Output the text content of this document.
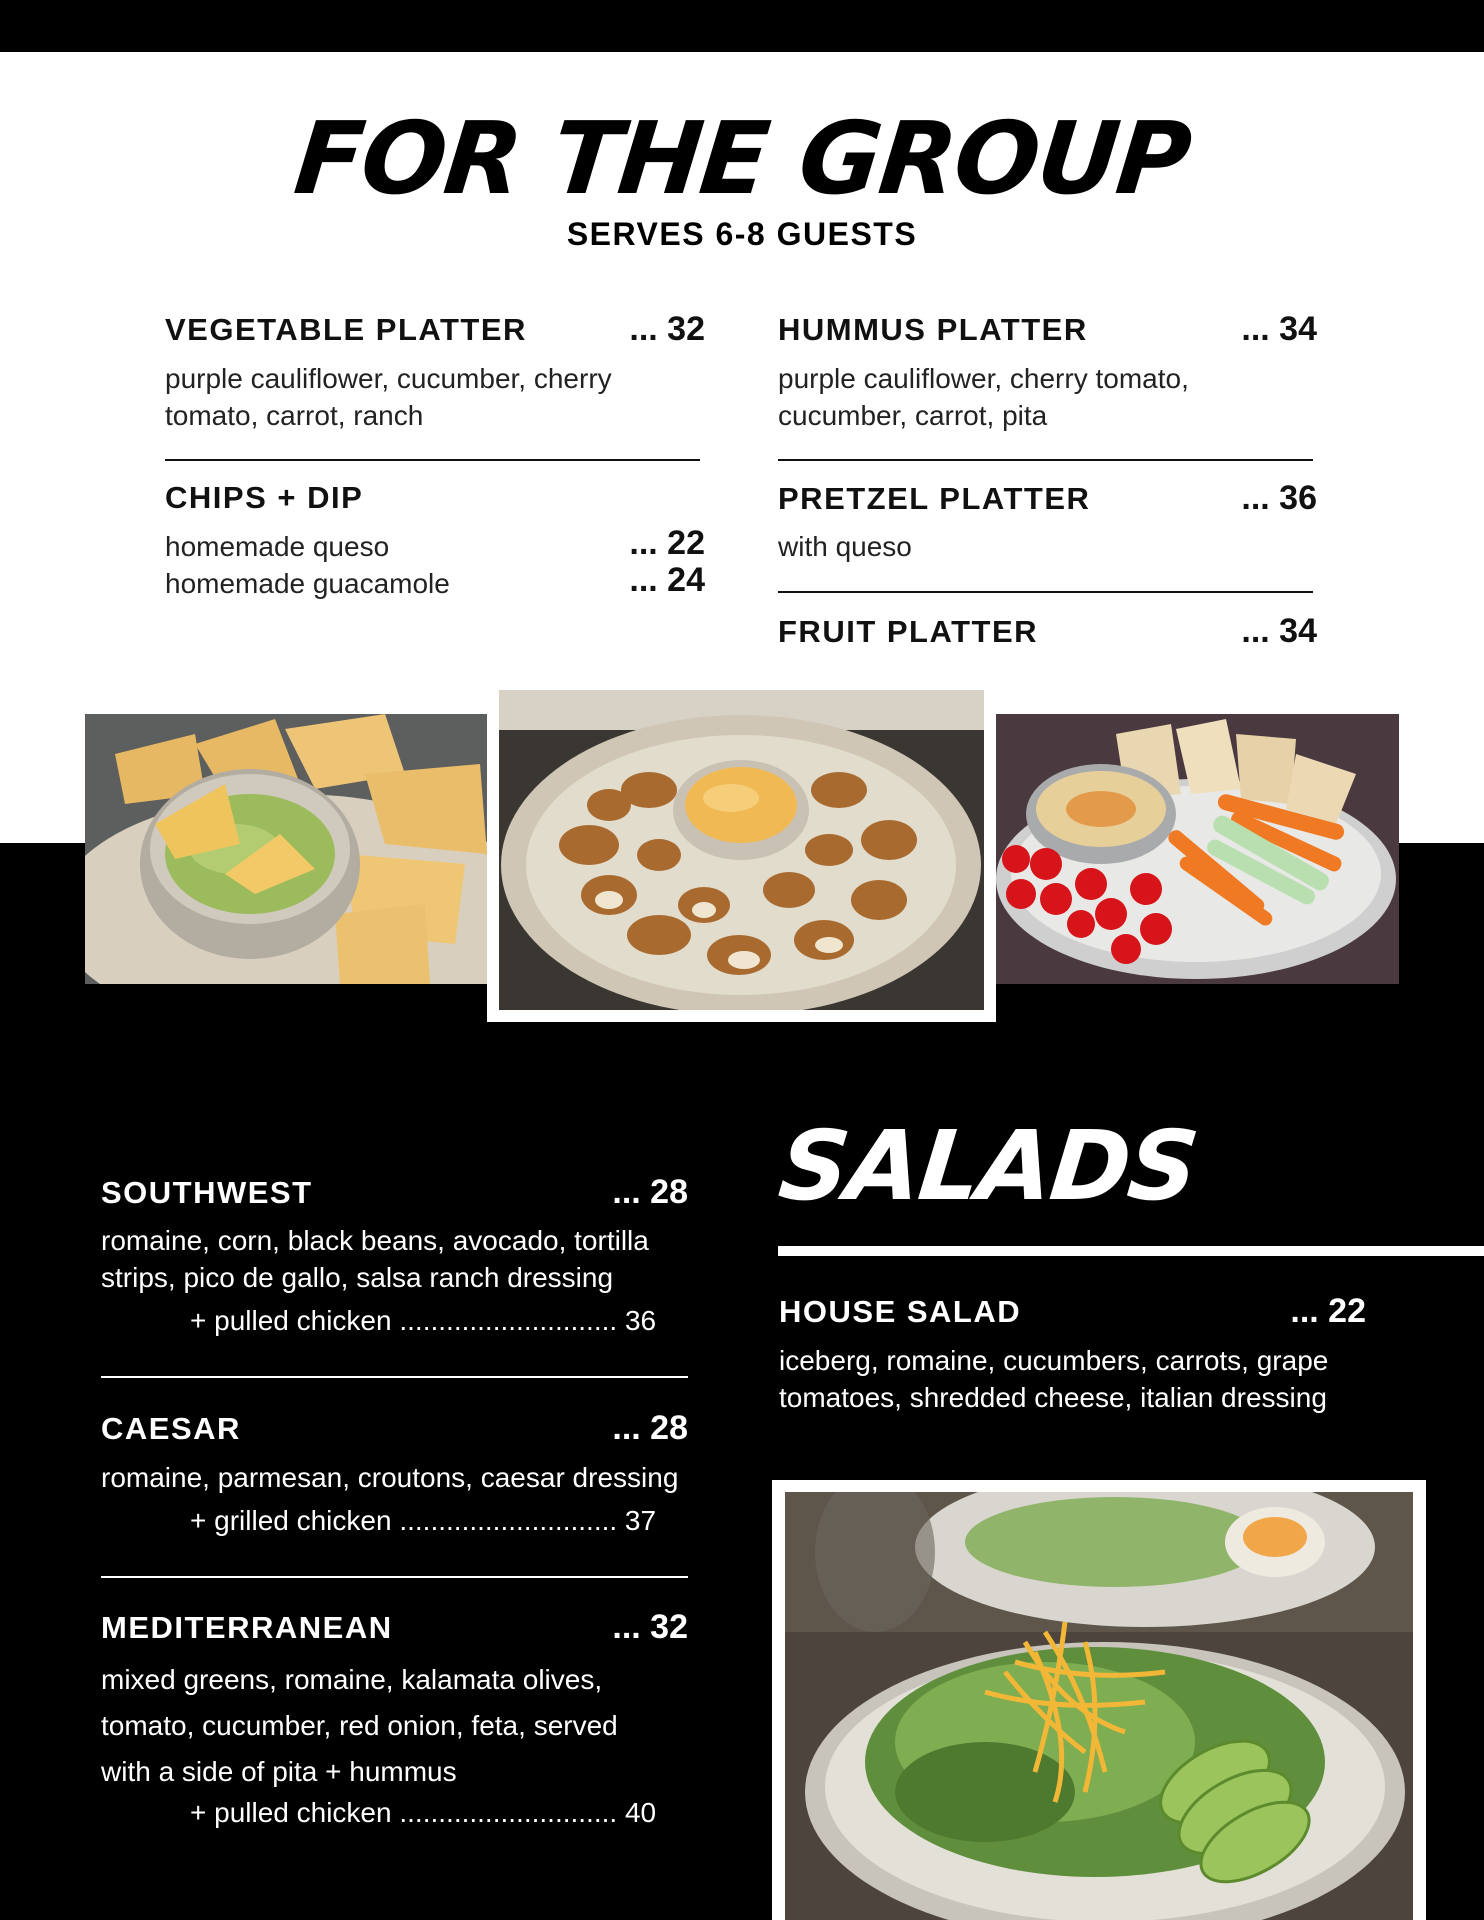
FOR THE GROUP
SERVES 6-8 GUESTS
VEGETABLE PLATTER	... 32
purple cauliflower, cucumber, cherry
tomato, carrot, ranch
HUMMUS PLATTER	... 34
purple cauliflower, cherry tomato,
cucumber, carrot, pita
CHIPS + DIP
homemade queso	... 22
homemade guacamole	... 24
PRETZEL PLATTER	... 36
with queso
FRUIT PLATTER	... 34
SALADS
SOUTHWEST	... 28
romaine, corn, black beans, avocado, tortilla
strips, pico de gallo, salsa ranch dressing
+ pulled chicken ............................ 36
CAESAR	... 28
romaine, parmesan, croutons, caesar dressing
+ grilled chicken ............................ 37
MEDITERRANEAN	... 32
mixed greens, romaine, kalamata olives,
tomato, cucumber, red onion, feta, served
with a side of pita + hummus
+ pulled chicken ............................ 40
HOUSE SALAD	... 22
iceberg, romaine, cucumbers, carrots, grape
tomatoes, shredded cheese, italian dressing
